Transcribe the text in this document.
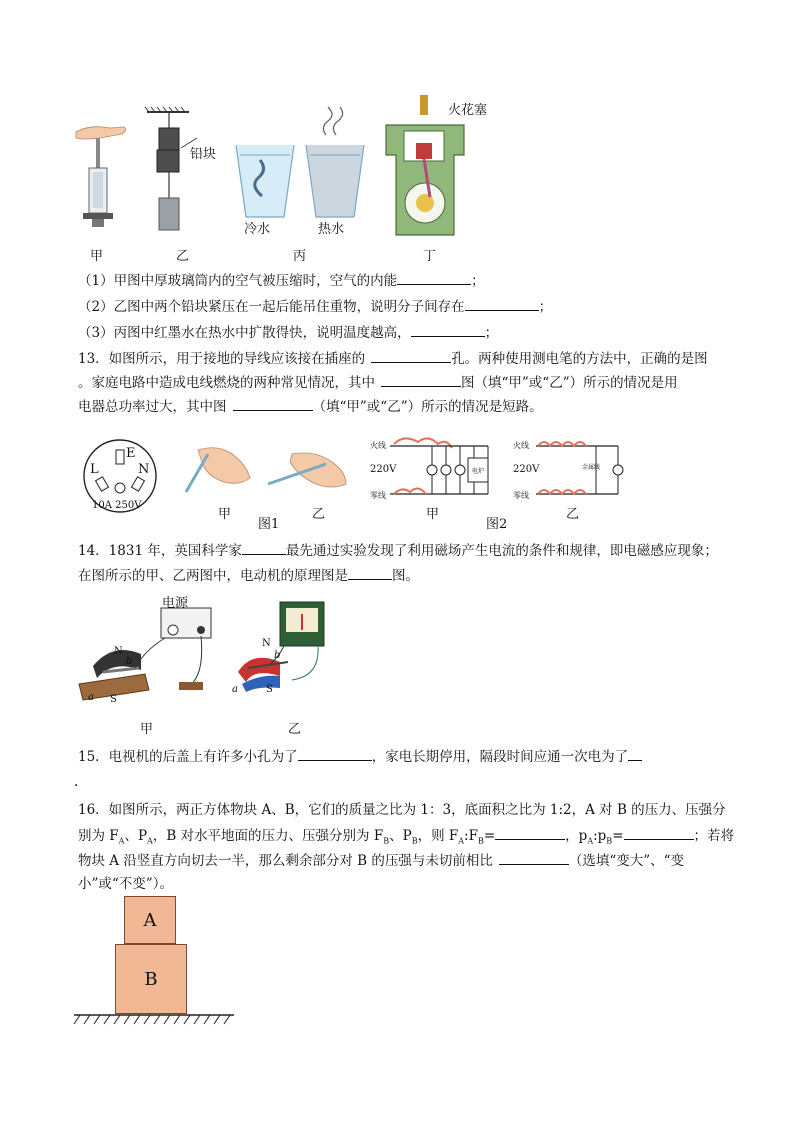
铅块
冷水	热水
火花塞
甲	乙	丙	丁
（1）甲图中厚玻璃筒内的空气被压缩时，空气的内能	；
（2）乙图中两个铅块紧压在一起后能吊住重物，说明分子间存在	；
（3）丙图中红墨水在热水中扩散得快，说明温度越高，	；
13．如图所示，用于接地的导线应该接在插座的	孔。两种使用测电笔的方法中，正确的是图
。家庭电路中造成电线燃烧的两种常见情况，其中	图（填“甲”或“乙”）所示的情况是用
电器总功率过大，其中图	（填“甲”或“乙”）所示的情况是短路。
E
L	N
10A 250V
火线
220V
零线
电炉
火线
220V
零线
金属线
甲
图1
乙	甲
图2
乙
14．1831 年，英国科学家	最先通过实验发现了利用磁场产生电流的条件和规律，即电磁感应现象；
在图所示的甲、乙两图中，电动机的原理图是	图。
电源
N
b
a S
N
b
a	S
甲	乙
15．电视机的后盖上有许多小孔为了	，家电长期停用，隔段时间应通一次电为了
.
16．如图所示，两正方体物块 A、B，它们的质量之比为 1：3，底面积之比为 1:2，A 对 B 的压力、压强分
别为 $F_A$、$P_A$，B 对水平地面的压力、压强分别为 $F_B$、$P_B$，则 $F_A:F_B=$	，$p_A:p_B=$	；若将
物块 A 沿竖直方向切去一半，那么剩余部分对 B 的压强与未切前相比	（选填“变大”、“变
小”或“不变”）。
A
B
